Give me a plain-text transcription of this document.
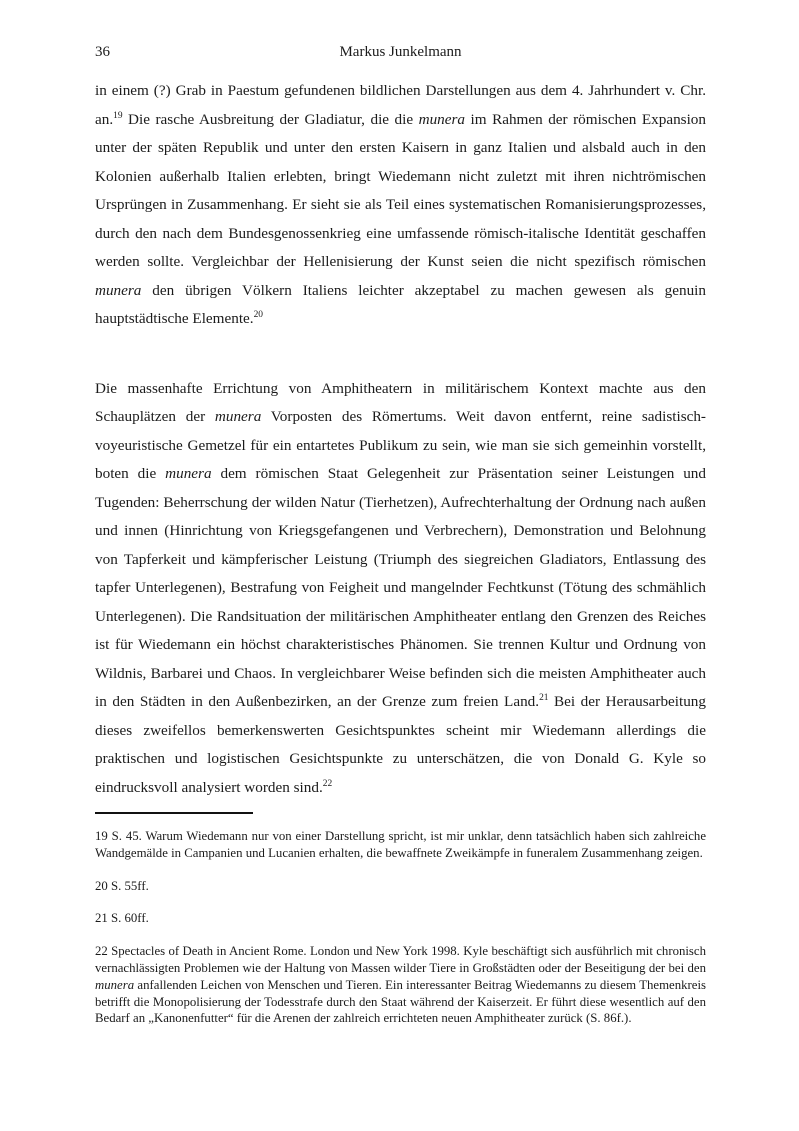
36	Markus Junkelmann

in einem (?) Grab in Paestum gefundenen bildlichen Darstellungen aus dem 4. Jahrhundert v. Chr. an.$^{19}$ Die rasche Ausbreitung der Gladiatur, die die munera im Rahmen der römischen Expansion unter der späten Republik und unter den ersten Kaisern in ganz Italien und alsbald auch in den Kolonien außerhalb Italien erlebten, bringt Wiedemann nicht zuletzt mit ihren nichtrömischen Ursprüngen in Zusammenhang. Er sieht sie als Teil eines systematischen Romanisierungsprozesses, durch den nach dem Bundesgenossenkrieg eine umfassende römisch-italische Identität geschaffen werden sollte. Vergleichbar der Hellenisierung der Kunst seien die nicht spezifisch römischen munera den übrigen Völkern Italiens leichter akzeptabel zu machen gewesen als genuin hauptstädtische Elemente.$^{20}$

Die massenhafte Errichtung von Amphitheatern in militärischem Kontext machte aus den Schauplätzen der munera Vorposten des Römertums. Weit davon entfernt, reine sadistisch-voyeuristische Gemetzel für ein entartetes Publikum zu sein, wie man sie sich gemeinhin vorstellt, boten die munera dem römischen Staat Gelegenheit zur Präsentation seiner Leistungen und Tugenden: Beherrschung der wilden Natur (Tierhetzen), Aufrechterhaltung der Ordnung nach außen und innen (Hinrichtung von Kriegsgefangenen und Verbrechern), Demonstration und Belohnung von Tapferkeit und kämpferischer Leistung (Triumph des siegreichen Gladiators, Entlassung des tapfer Unterlegenen), Bestrafung von Feigheit und mangelnder Fechtkunst (Tötung des schmählich Unterlegenen). Die Randsituation der militärischen Amphitheater entlang den Grenzen des Reiches ist für Wiedemann ein höchst charakteristisches Phänomen. Sie trennen Kultur und Ordnung von Wildnis, Barbarei und Chaos. In vergleichbarer Weise befinden sich die meisten Amphitheater auch in den Städten in den Außenbezirken, an der Grenze zum freien Land.$^{21}$ Bei der Herausarbeitung dieses zweifellos bemerkenswerten Gesichtspunktes scheint mir Wiedemann allerdings die praktischen und logistischen Gesichtspunkte zu unterschätzen, die von Donald G. Kyle so eindrucksvoll analysiert worden sind.$^{22}$

19 S. 45. Warum Wiedemann nur von einer Darstellung spricht, ist mir unklar, denn tatsächlich haben sich zahlreiche Wandgemälde in Campanien und Lucanien erhalten, die bewaffnete Zweikämpfe in funeralem Zusammenhang zeigen.

20 S. 55ff.

21 S. 60ff.

22 Spectacles of Death in Ancient Rome. London und New York 1998. Kyle beschäftigt sich ausführlich mit chronisch vernachlässigten Problemen wie der Haltung von Massen wilder Tiere in Großstädten oder der Beseitigung der bei den munera anfallenden Leichen von Menschen und Tieren. Ein interessanter Beitrag Wiedemanns zu diesem Themenkreis betrifft die Monopolisierung der Todesstrafe durch den Staat während der Kaiserzeit. Er führt diese wesentlich auf den Bedarf an „Kanonenfutter“ für die Arenen der zahlreich errichteten neuen Amphitheater zurück (S. 86f.).
